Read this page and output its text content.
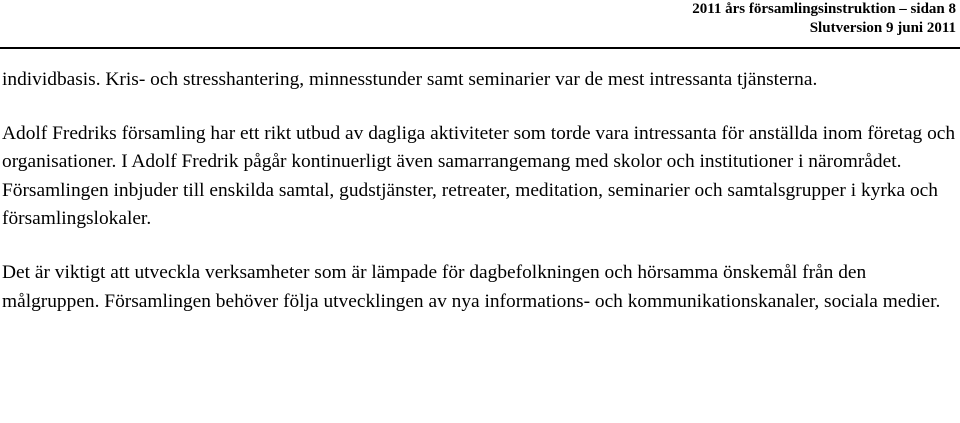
2011 års församlingsinstruktion – sidan 8
Slutversion 9 juni 2011

individbasis. Kris- och stresshantering, minnesstunder samt seminarier var de mest intressanta tjänsterna.

Adolf Fredriks församling har ett rikt utbud av dagliga aktiviteter som torde vara intressanta för anställda inom företag och organisationer. I Adolf Fredrik pågår kontinuerligt även samarrangemang med skolor och institutioner i närområdet. Församlingen inbjuder till enskilda samtal, gudstjänster, retreater, meditation, seminarier och samtalsgrupper i kyrka och församlingslokaler.

Det är viktigt att utveckla verksamheter som är lämpade för dagbefolkningen och hörsamma önskemål från den målgruppen. Församlingen behöver följa utvecklingen av nya informations- och kommunikationskanaler, sociala medier.
